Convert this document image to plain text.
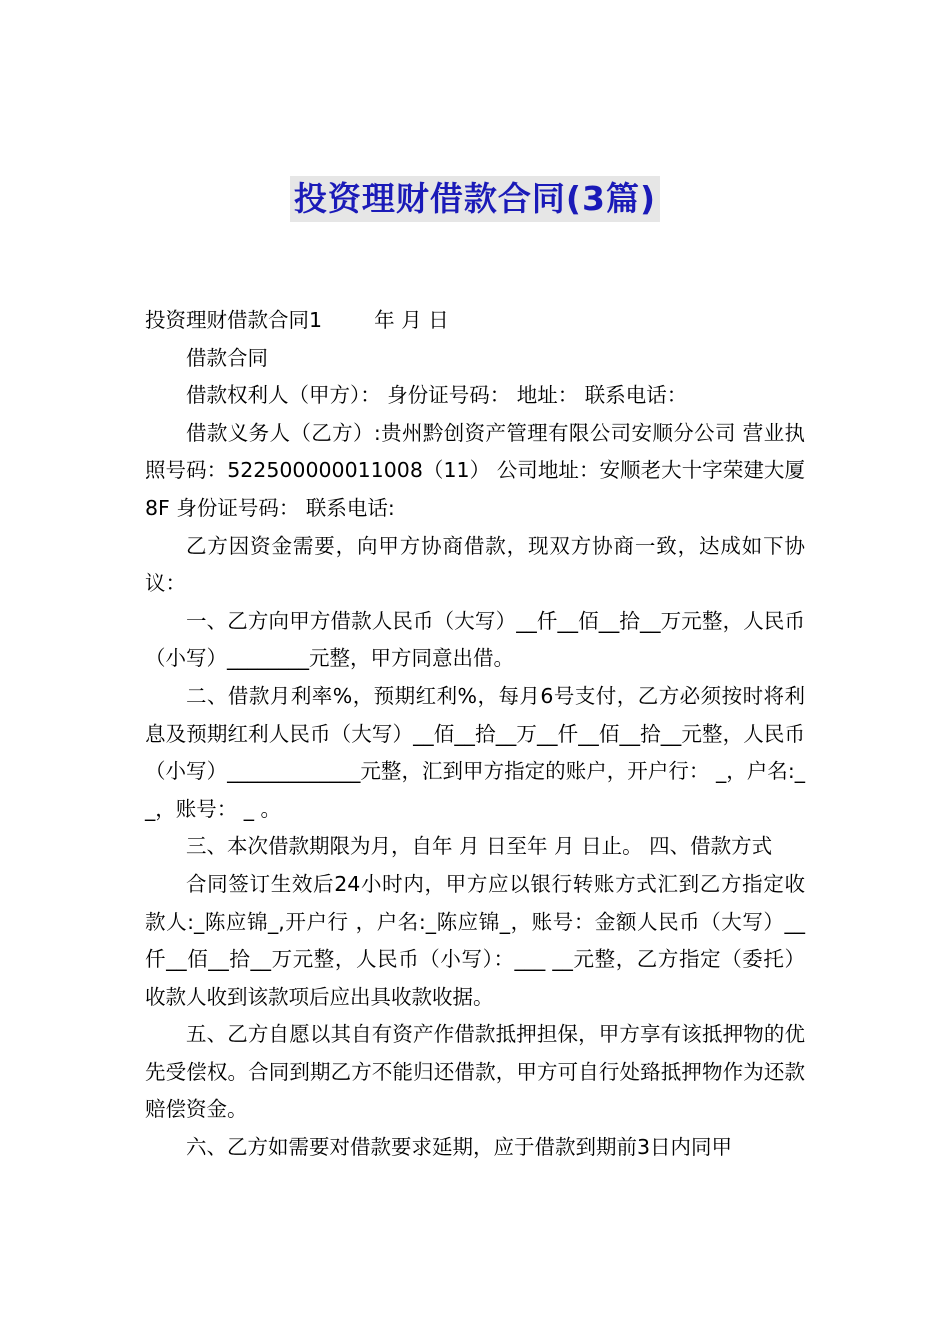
投资理财借款合同(3篇)

投资理财借款合同1        年 月 日

借款合同

借款权利人（甲方）： 身份证号码： 地址： 联系电话：

借款义务人（乙方）:贵州黔创资产管理有限公司安顺分公司 营业执照号码：522500000011008（11） 公司地址：安顺老大十字荣建大厦8F 身份证号码： 联系电话:

乙方因资金需要，向甲方协商借款，现双方协商一致，达成如下协议：

一、乙方向甲方借款人民币（大写）__仟__佰__拾__万元整，人民币（小写）________元整，甲方同意出借。

二、借款月利率%，预期红利%，每月6号支付，乙方必须按时将利息及预期红利人民币（大写）__佰__拾__万__仟__佰__拾__元整，人民币（小写）_____________元整，汇到甲方指定的账户，开户行： _，户名:_ _，账号： _ 。

三、本次借款期限为月，自年 月 日至年 月 日止。 四、借款方式

合同签订生效后24小时内，甲方应以银行转账方式汇到乙方指定收款人:_陈应锦_,开户行 ，户名:_陈应锦_，账号：金额人民币（大写）__仟__佰__拾__万元整，人民币（小写）：___ __元整，乙方指定（委托）收款人收到该款项后应出具收款收据。

五、乙方自愿以其自有资产作借款抵押担保，甲方享有该抵押物的优先受偿权。合同到期乙方不能归还借款，甲方可自行处臵抵押物作为还款赔偿资金。

六、乙方如需要对借款要求延期，应于借款到期前3日内同甲
